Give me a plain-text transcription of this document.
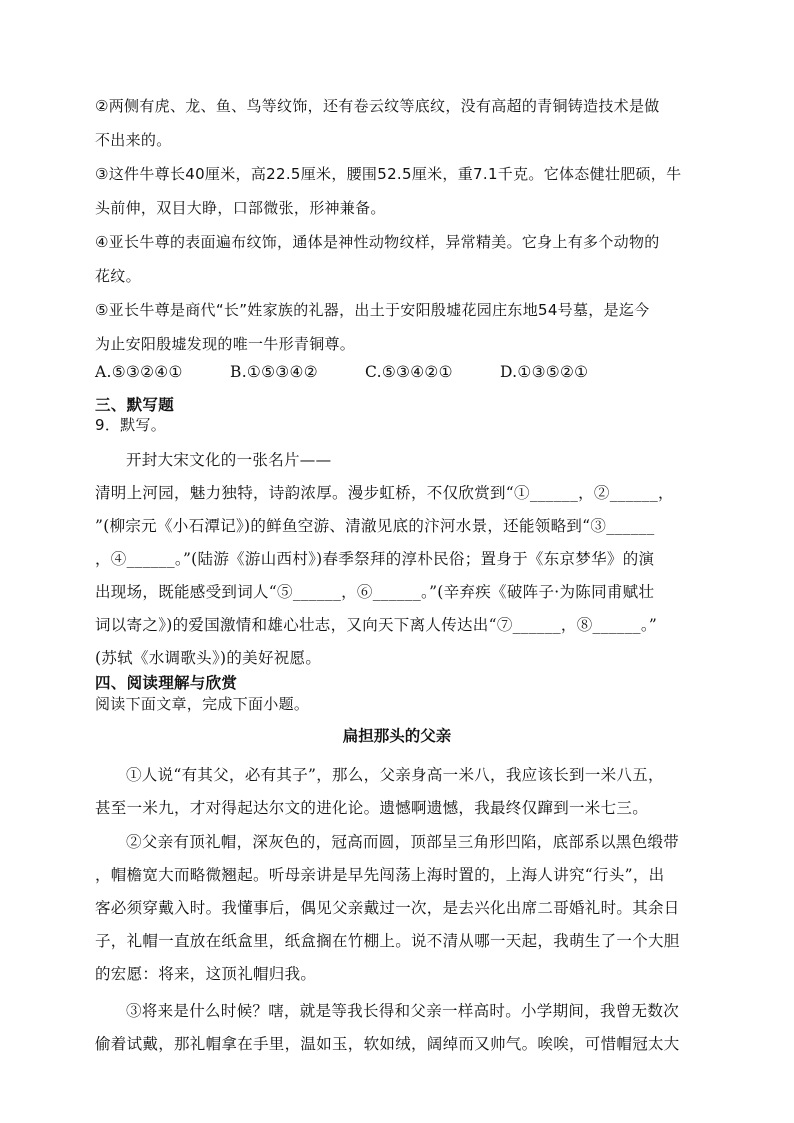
②两侧有虎、龙、鱼、鸟等纹饰，还有卷云纹等底纹，没有高超的青铜铸造技术是做
不出来的。
③这件牛尊长40厘米，高22.5厘米，腰围52.5厘米，重7.1千克。它体态健壮肥硕，牛
头前伸，双目大睁，口部微张，形神兼备。
④亚长牛尊的表面遍布纹饰，通体是神性动物纹样，异常精美。它身上有多个动物的
花纹。
⑤亚长牛尊是商代“长”姓家族的礼器，出土于安阳殷墟花园庄东地54号墓，是迄今
为止安阳殷墟发现的唯一牛形青铜尊。
A.⑤③②④①	B.①⑤③④②	C.⑤③④②①	D.①③⑤②①
三、默写题
9．默写。
开封大宋文化的一张名片——
清明上河园，魅力独特，诗韵浓厚。漫步虹桥，不仅欣赏到“①______，②______，
”(柳宗元《小石潭记》)的鲜鱼空游、清澈见底的汴河水景，还能领略到“③______
，④______。”(陆游《游山西村》)春季祭拜的淳朴民俗；置身于《东京梦华》的演
出现场，既能感受到词人“⑤______，⑥______。”(辛弃疾《破阵子·为陈同甫赋壮
词以寄之》)的爱国激情和雄心壮志，又向天下离人传达出“⑦______，⑧______。”
(苏轼《水调歌头》)的美好祝愿。
四、阅读理解与欣赏
阅读下面文章，完成下面小题。
扁担那头的父亲
①人说“有其父，必有其子”，那么，父亲身高一米八，我应该长到一米八五，
甚至一米九，才对得起达尔文的进化论。遗憾啊遗憾，我最终仅蹿到一米七三。
②父亲有顶礼帽，深灰色的，冠高而圆，顶部呈三角形凹陷，底部系以黑色缎带
，帽檐宽大而略微翘起。听母亲讲是早先闯荡上海时置的，上海人讲究“行头”，出
客必须穿戴入时。我懂事后，偶见父亲戴过一次，是去兴化出席二哥婚礼时。其余日
子，礼帽一直放在纸盒里，纸盒搁在竹棚上。说不清从哪一天起，我萌生了一个大胆
的宏愿：将来，这顶礼帽归我。
③将来是什么时候？嗐，就是等我长得和父亲一样高时。小学期间，我曾无数次
偷着试戴，那礼帽拿在手里，温如玉，软如绒，阔绰而又帅气。唉唉，可惜帽冠太大
